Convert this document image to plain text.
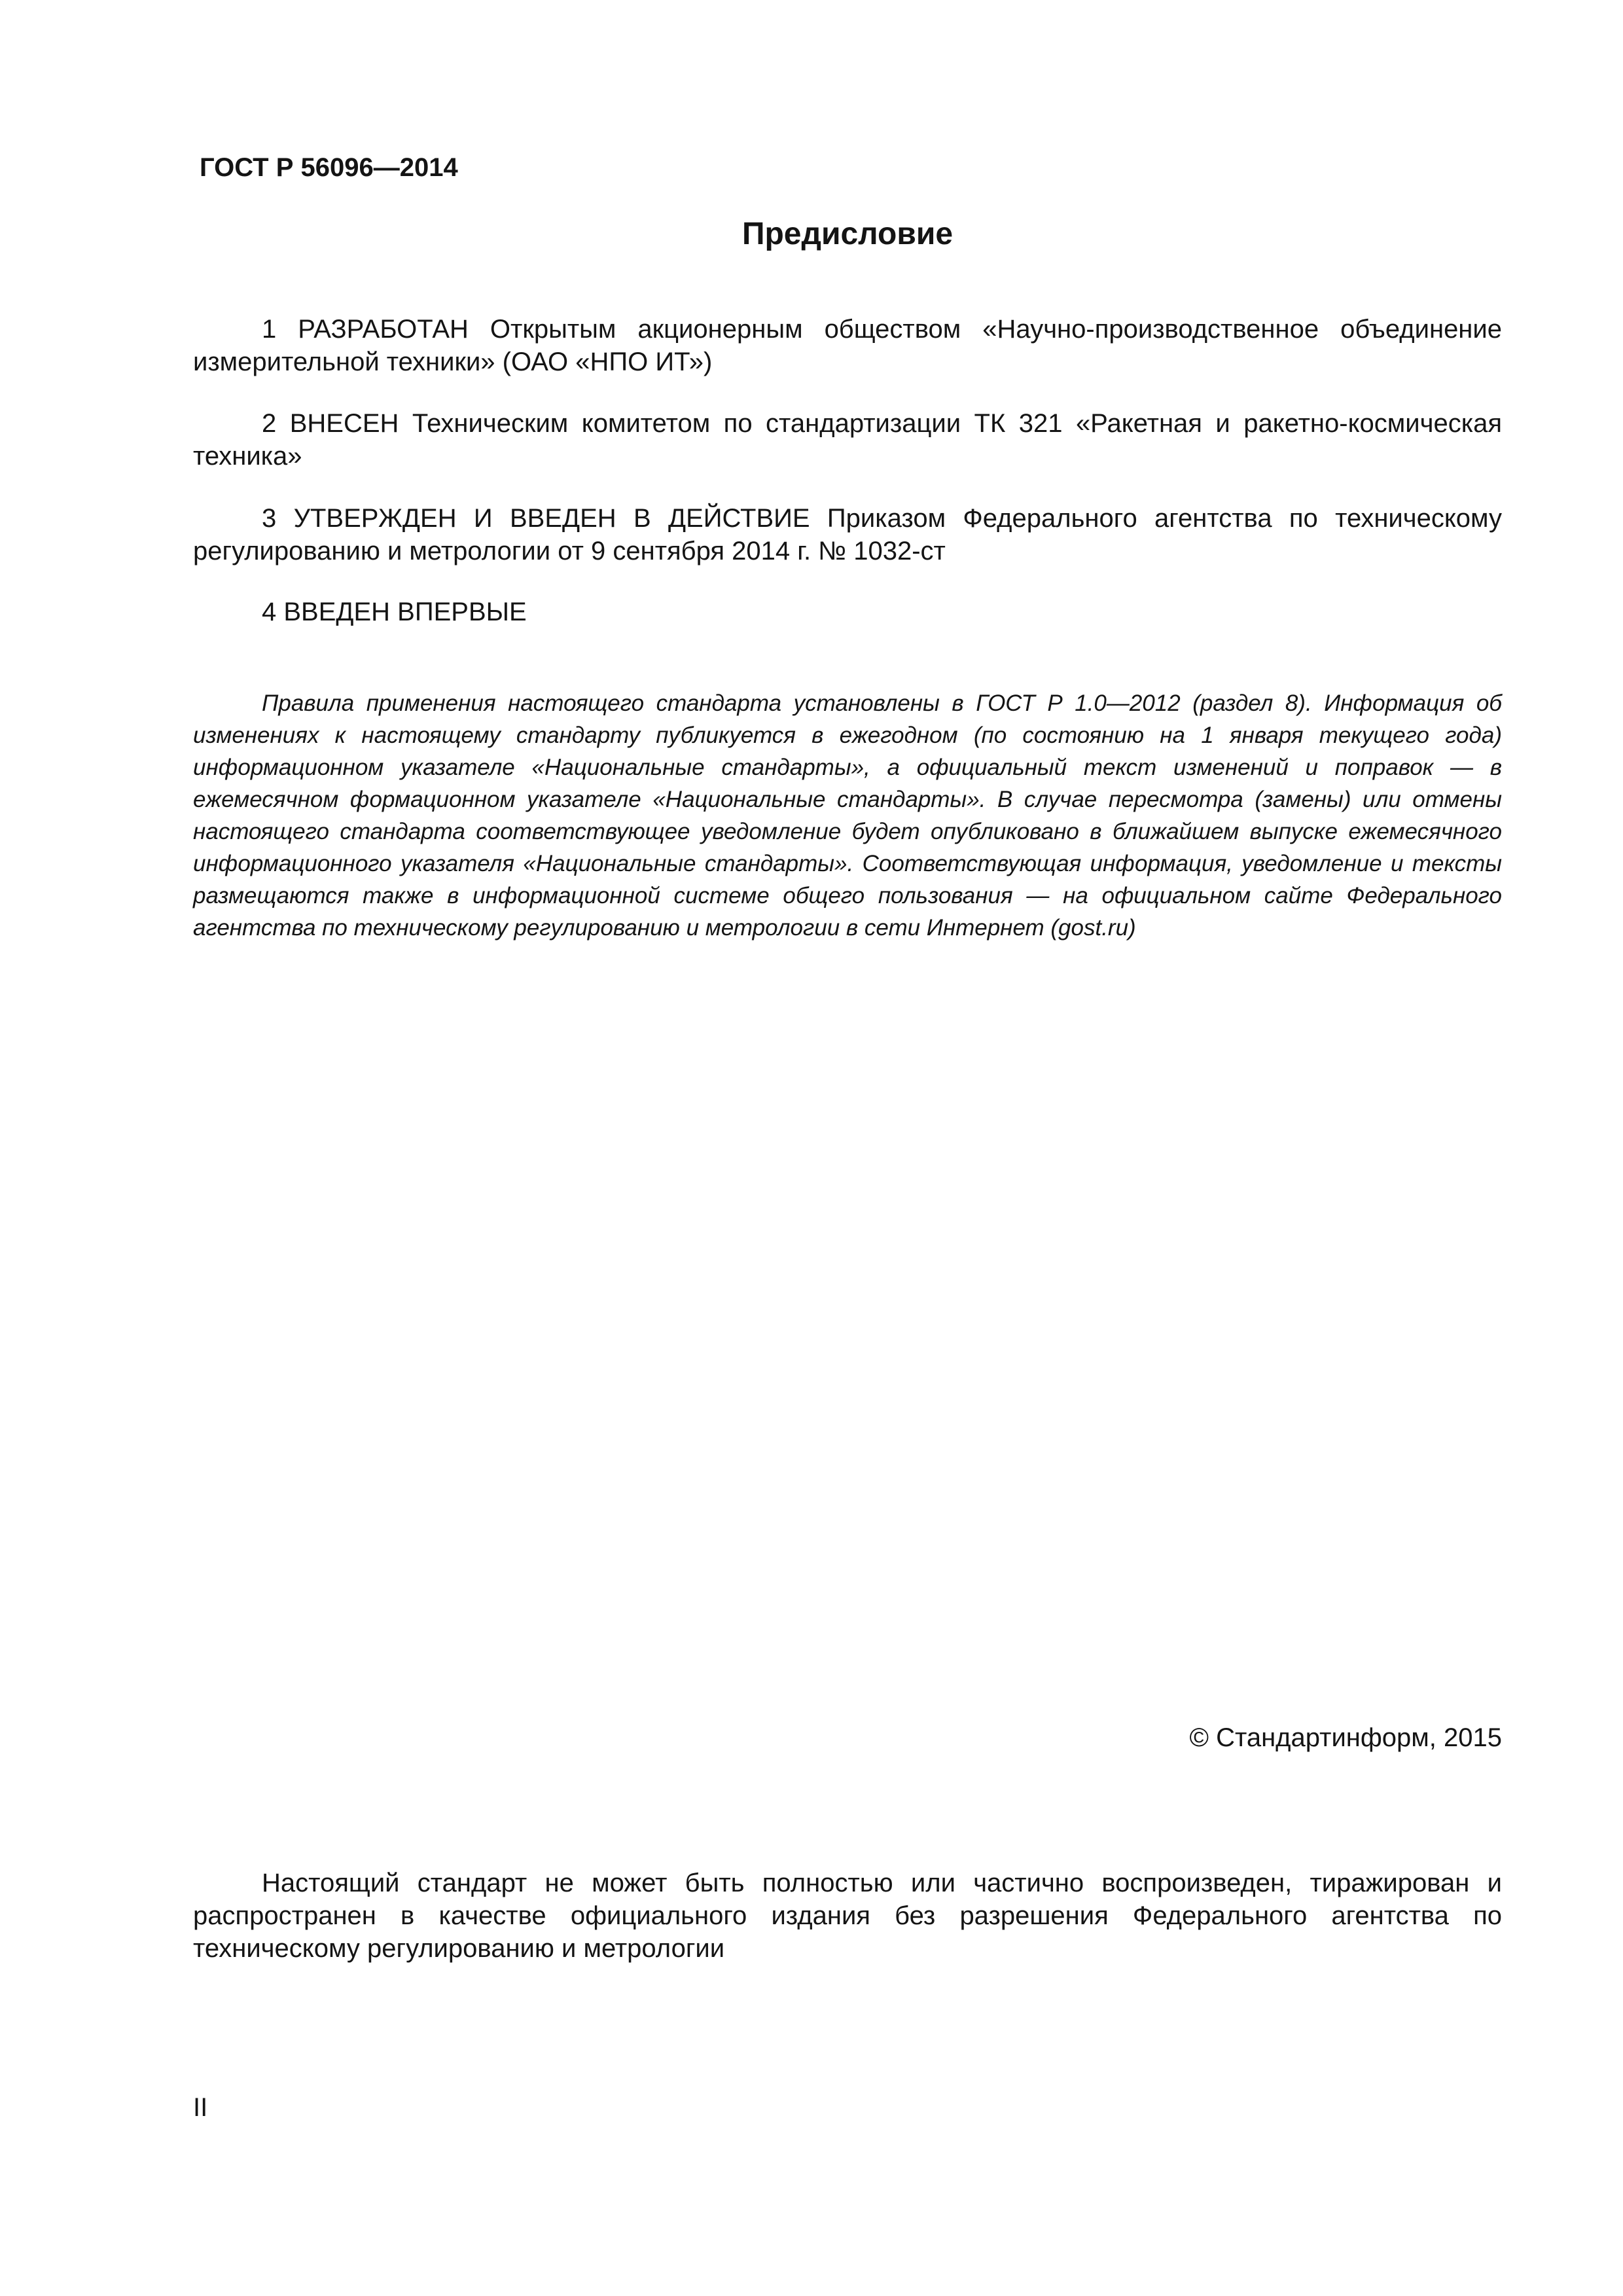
ГОСТ Р 56096—2014

Предисловие

1 РАЗРАБОТАН Открытым акционерным обществом «Научно-производственное объединение измерительной техники» (ОАО «НПО ИТ»)

2 ВНЕСЕН Техническим комитетом по стандартизации ТК 321 «Ракетная и ракетно-космическая техника»

3 УТВЕРЖДЕН И ВВЕДЕН В ДЕЙСТВИЕ Приказом Федерального агентства по техническому регулированию и метрологии от 9 сентября 2014 г. № 1032-ст

4 ВВЕДЕН ВПЕРВЫЕ

Правила применения настоящего стандарта установлены в ГОСТ Р 1.0—2012 (раздел 8). Информация об изменениях к настоящему стандарту публикуется в ежегодном (по состоянию на 1 января текущего года) информационном указателе «Национальные стандарты», а официальный текст изменений и поправок — в ежемесячном формационном указателе «Национальные стандарты». В случае пересмотра (замены) или отмены настоящего стандарта соответствующее уведомление будет опубликовано в ближайшем выпуске ежемесячного информационного указателя «Национальные стандарты». Соответствующая информация, уведомление и тексты размещаются также в информационной системе общего пользования — на официальном сайте Федерального агентства по техническому регулированию и метрологии в сети Интернет (gost.ru)

© Стандартинформ, 2015

Настоящий стандарт не может быть полностью или частично воспроизведен, тиражирован и распространен в качестве официального издания без разрешения Федерального агентства по техническому регулированию и метрологии

II
